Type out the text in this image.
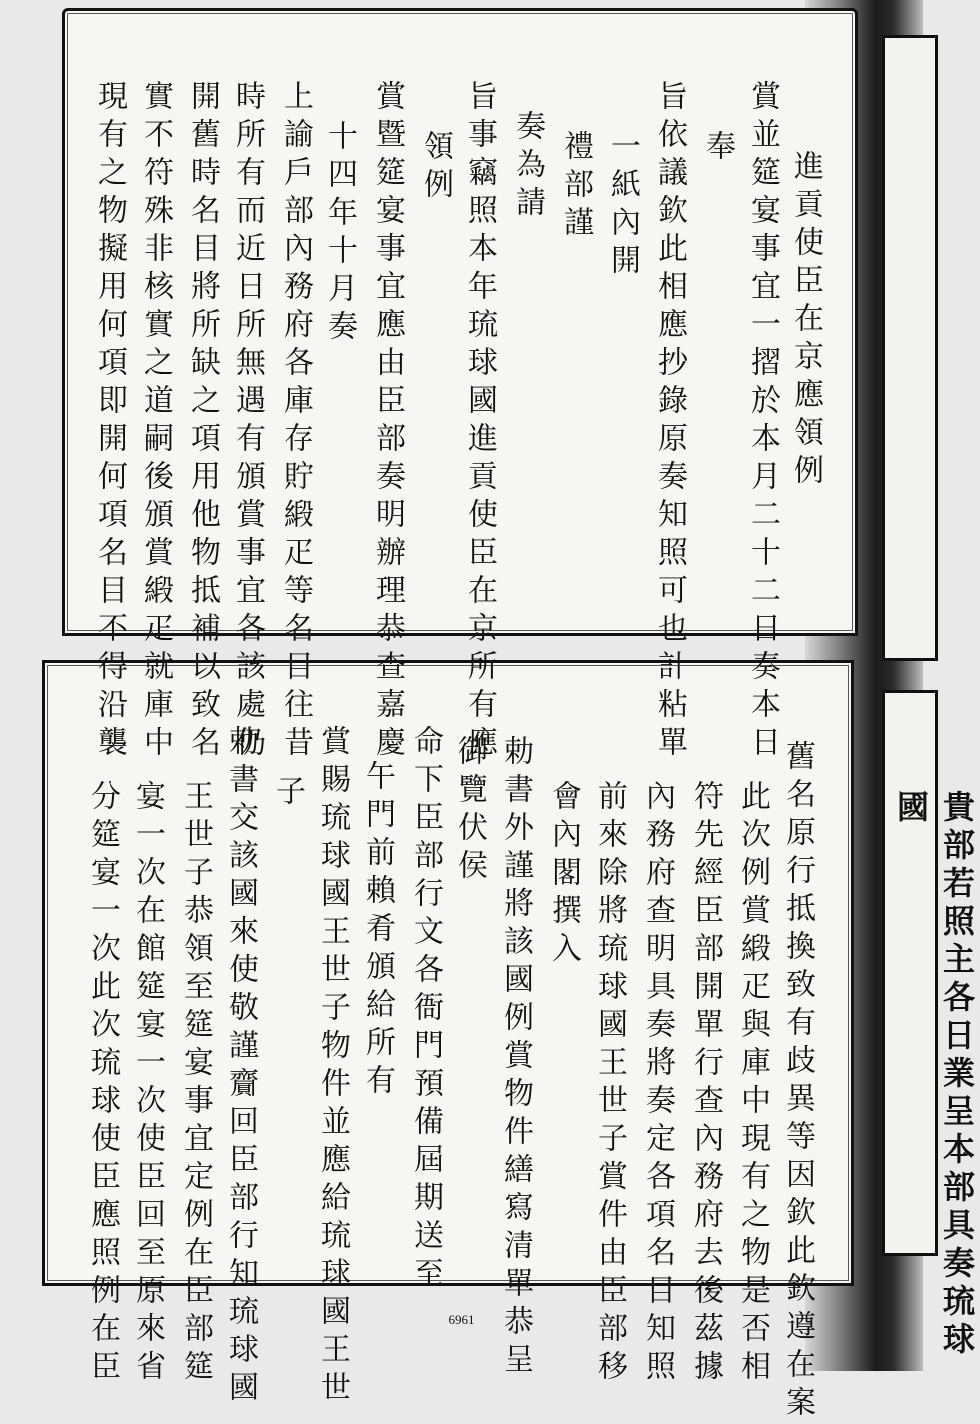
貴部若照主各日業呈本部具奏琉球國
進貢使臣在京應領例
賞並筵宴事宜一摺於本月二十二日奏本日
奉
旨依議欽此相應抄錄原奏知照可也計粘單
一紙內開
禮部謹
奏為請
旨事竊照本年琉球國進貢使臣在京所有應
領例
賞暨筵宴事宜應由臣部奏明辦理恭查嘉慶
十四年十月奏
上諭戶部內務府各庫存貯緞疋等名目往昔
時所有而近日所無遇有頒賞事宜各該處仍
開舊時名目將所缺之項用他物抵補以致名
實不符殊非核實之道嗣後頒賞緞疋就庫中
現有之物擬用何項即開何項名目不得沿襲
舊名原行抵換致有歧異等因欽此欽遵在案
此次例賞緞疋與庫中現有之物是否相
符先經臣部開單行查內務府去後茲據
內務府查明具奏將奏定各項名目知照
前來除將琉球國王世子賞件由臣部移
會內閣撰入
勅書外謹將該國例賞物件繕寫清單恭呈
御覽伏侯
命下臣部行文各衙門預備屆期送至
午門前賴肴頒給所有
賞賜琉球國王世子物件並應給琉球國王世
子
勅書交該國來使敬謹齎回臣部行知琉球國
王世子恭領至筵宴事宜定例在臣部筵
宴一次在館筵宴一次使臣回至原來省
分筵宴一次此次琉球使臣應照例在臣	6961
